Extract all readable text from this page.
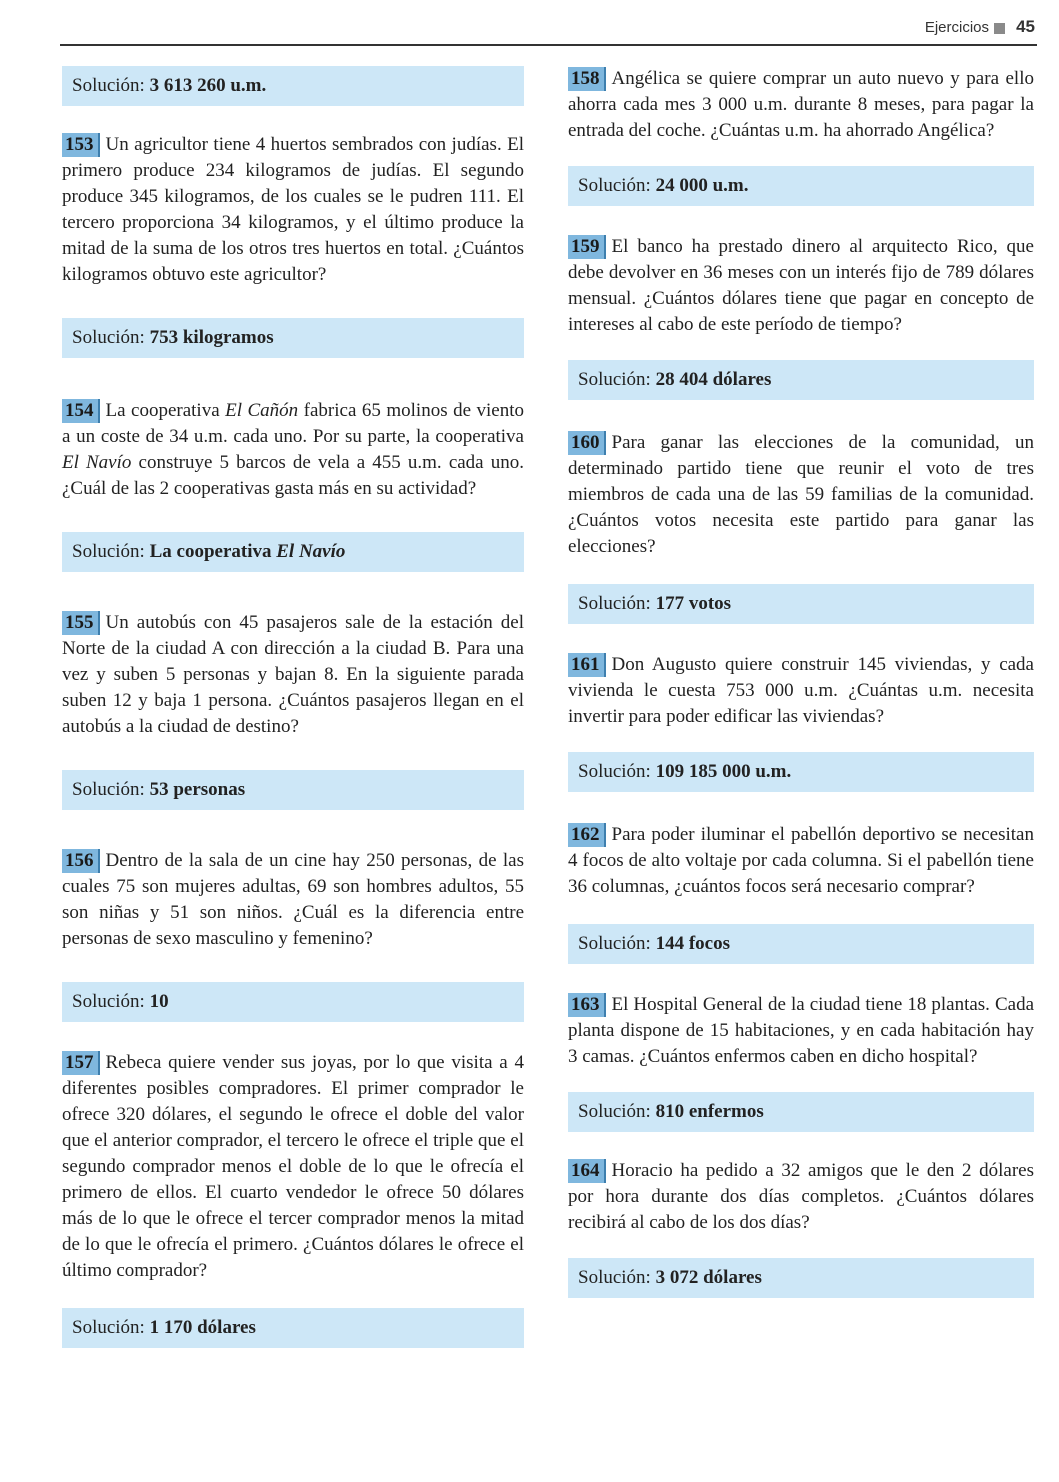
Ejercicios 45
Solución: 3 613 260 u.m.
153 Un agricultor tiene 4 huertos sembrados con judías. El primero produce 234 kilogramos de judías. El segundo produce 345 kilogramos, de los cuales se le pudren 111. El tercero proporciona 34 kilogramos, y el último produce la mitad de la suma de los otros tres huertos en total. ¿Cuántos kilogramos obtuvo este agricultor?
Solución: 753 kilogramos
154 La cooperativa El Cañón fabrica 65 molinos de viento a un coste de 34 u.m. cada uno. Por su parte, la cooperativa El Navío construye 5 barcos de vela a 455 u.m. cada uno. ¿Cuál de las 2 cooperativas gasta más en su actividad?
Solución: La cooperativa El Navío
155 Un autobús con 45 pasajeros sale de la estación del Norte de la ciudad A con dirección a la ciudad B. Para una vez y suben 5 personas y bajan 8. En la siguiente parada suben 12 y baja 1 persona. ¿Cuántos pasajeros llegan en el autobús a la ciudad de destino?
Solución: 53 personas
156 Dentro de la sala de un cine hay 250 personas, de las cuales 75 son mujeres adultas, 69 son hombres adultos, 55 son niñas y 51 son niños. ¿Cuál es la diferencia entre personas de sexo masculino y femenino?
Solución: 10
157 Rebeca quiere vender sus joyas, por lo que visita a 4 diferentes posibles compradores. El primer comprador le ofrece 320 dólares, el segundo le ofrece el doble del valor que el anterior comprador, el tercero le ofrece el triple que el segundo comprador menos el doble de lo que le ofrecía el primero de ellos. El cuarto vendedor le ofrece 50 dólares más de lo que le ofrece el tercer comprador menos la mitad de lo que le ofrecía el primero. ¿Cuántos dólares le ofrece el último comprador?
Solución: 1 170 dólares
158 Angélica se quiere comprar un auto nuevo y para ello ahorra cada mes 3 000 u.m. durante 8 meses, para pagar la entrada del coche. ¿Cuántas u.m. ha ahorrado Angélica?
Solución: 24 000 u.m.
159 El banco ha prestado dinero al arquitecto Rico, que debe devolver en 36 meses con un interés fijo de 789 dólares mensual. ¿Cuántos dólares tiene que pagar en concepto de intereses al cabo de este período de tiempo?
Solución: 28 404 dólares
160 Para ganar las elecciones de la comunidad, un determinado partido tiene que reunir el voto de tres miembros de cada una de las 59 familias de la comunidad. ¿Cuántos votos necesita este partido para ganar las elecciones?
Solución: 177 votos
161 Don Augusto quiere construir 145 viviendas, y cada vivienda le cuesta 753 000 u.m. ¿Cuántas u.m. necesita invertir para poder edificar las viviendas?
Solución: 109 185 000 u.m.
162 Para poder iluminar el pabellón deportivo se necesitan 4 focos de alto voltaje por cada columna. Si el pabellón tiene 36 columnas, ¿cuántos focos será necesario comprar?
Solución: 144 focos
163 El Hospital General de la ciudad tiene 18 plantas. Cada planta dispone de 15 habitaciones, y en cada habitación hay 3 camas. ¿Cuántos enfermos caben en dicho hospital?
Solución: 810 enfermos
164 Horacio ha pedido a 32 amigos que le den 2 dólares por hora durante dos días completos. ¿Cuántos dólares recibirá al cabo de los dos días?
Solución: 3 072 dólares
